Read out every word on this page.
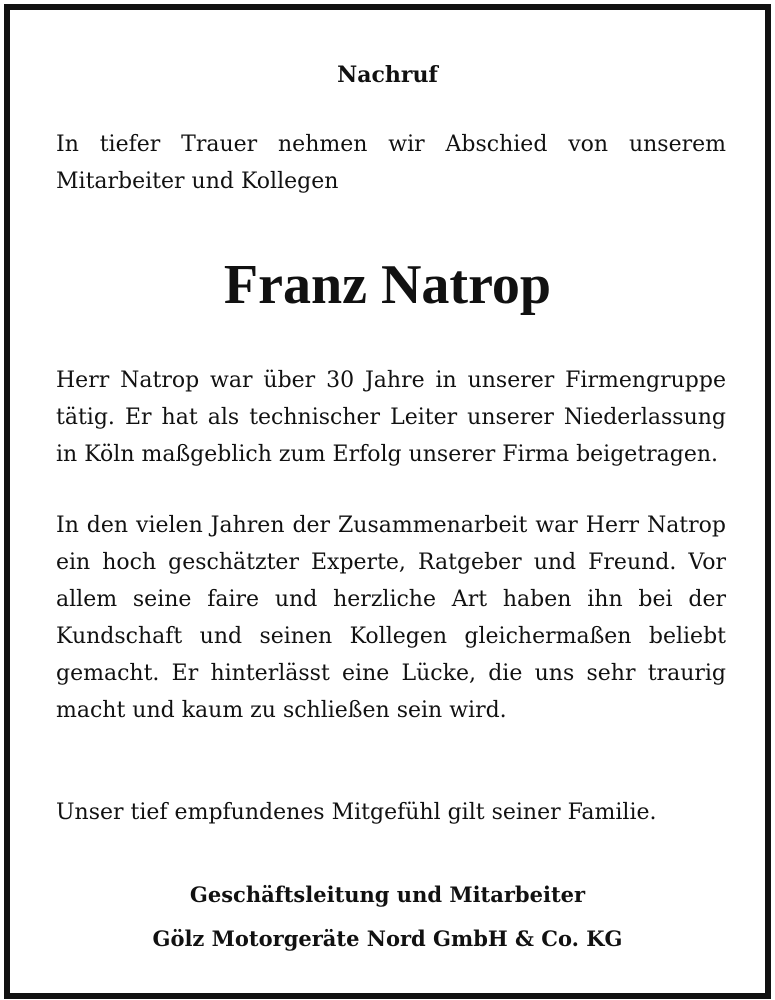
Nachruf
In tiefer Trauer nehmen wir Abschied von unserem Mitarbeiter und Kollegen
Franz Natrop
Herr Natrop war über 30 Jahre in unserer Firmengruppe tätig. Er hat als technischer Leiter unserer Niederlassung in Köln maßgeblich zum Erfolg unserer Firma beigetragen.
In den vielen Jahren der Zusammenarbeit war Herr Natrop ein hoch geschätzter Experte, Ratgeber und Freund. Vor allem seine faire und herzliche Art haben ihn bei der Kundschaft und seinen Kollegen gleichermaßen beliebt gemacht. Er hinterlässt eine Lücke, die uns sehr traurig macht und kaum zu schließen sein wird.
Unser tief empfundenes Mitgefühl gilt seiner Familie.
Geschäftsleitung und Mitarbeiter
Gölz Motorgeräte Nord GmbH & Co. KG
